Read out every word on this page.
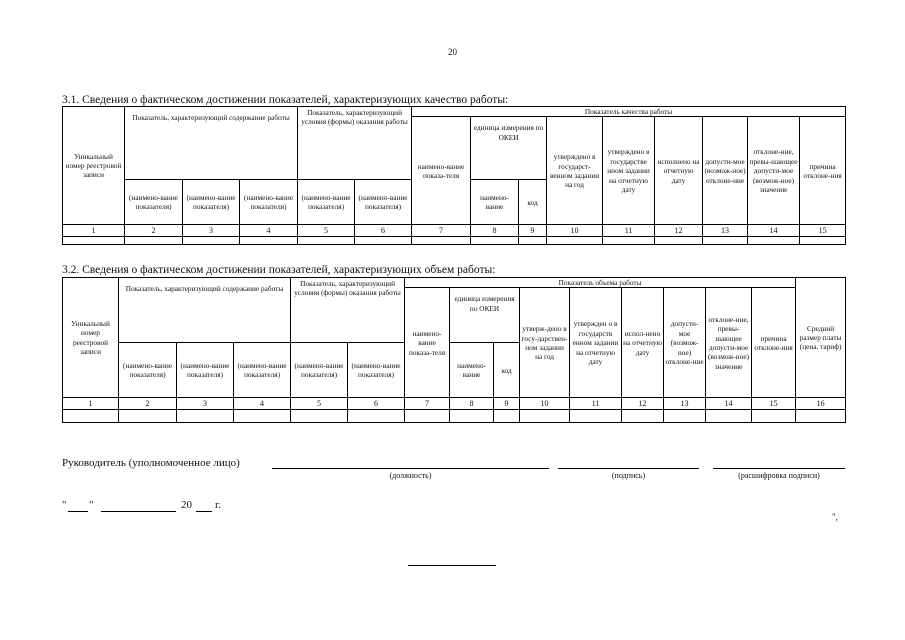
20
3.1. Сведения о фактическом достижении показателей, характеризующих качество работы:
Уникальный номер реестровой записи	Показатель, характеризующий содержание работы			Показатель, характеризующий условия (формы) оказания работы		Показатель качества работы								
						наимено-вание показа-теля	единица измерения по ОКЕИ		утверждено в государст-венном задании на год	утверждено в государстве нном задании на отчетную дату	исполнено на отчетную дату	допусти-мое (возмож-ное) отклоне-ние	отклоне-ние, превы-шающее допусти-мое (возмож-ное) значение	причина отклоне-ния
	(наимено-вание показателя)	(наимено-вание показателя)	(наимено-вание показателя)	(наимено-вание показателя)	(наимено-вание показателя)		наимено-вание	код						
1	2	3	4	5	6	7	8	9	10	11	12	13	14	15

3.2. Сведения о фактическом достижении показателей, характеризующих объем работы:
Уникальный номер реестровой записи	Показатель, характеризующий содержание работы			Показатель, характеризующий условия (формы) оказания работы		Показатель объема работы									Средний размер платы (цена, тариф)
						наимено-вание показа-теля	единица измерения по ОКЕИ		утверж-дено в госу-дарствен-ном задании на год	утвержден о в государств енном задании на отчетную дату	испол-нено на отчетную дату	допусти-мое (возмож-ное) отклоне-ние	отклоне-ние, превы-шающее допусти-мое (возмож-ное) значение	причина отклоне-ния	
	(наимено-вание показателя)	(наимено-вание показателя)	(наимено-вание показателя)	(наимено-вание показателя)	(наимено-вание показателя)		наимено-вание	код							
1	2	3	4	5	6	7	8	9	10	11	12	13	14	15	16

Руководитель (уполномоченное лицо)
(должность)	(подпись)	(расшифровка подписи)
" "	20 г.
",
